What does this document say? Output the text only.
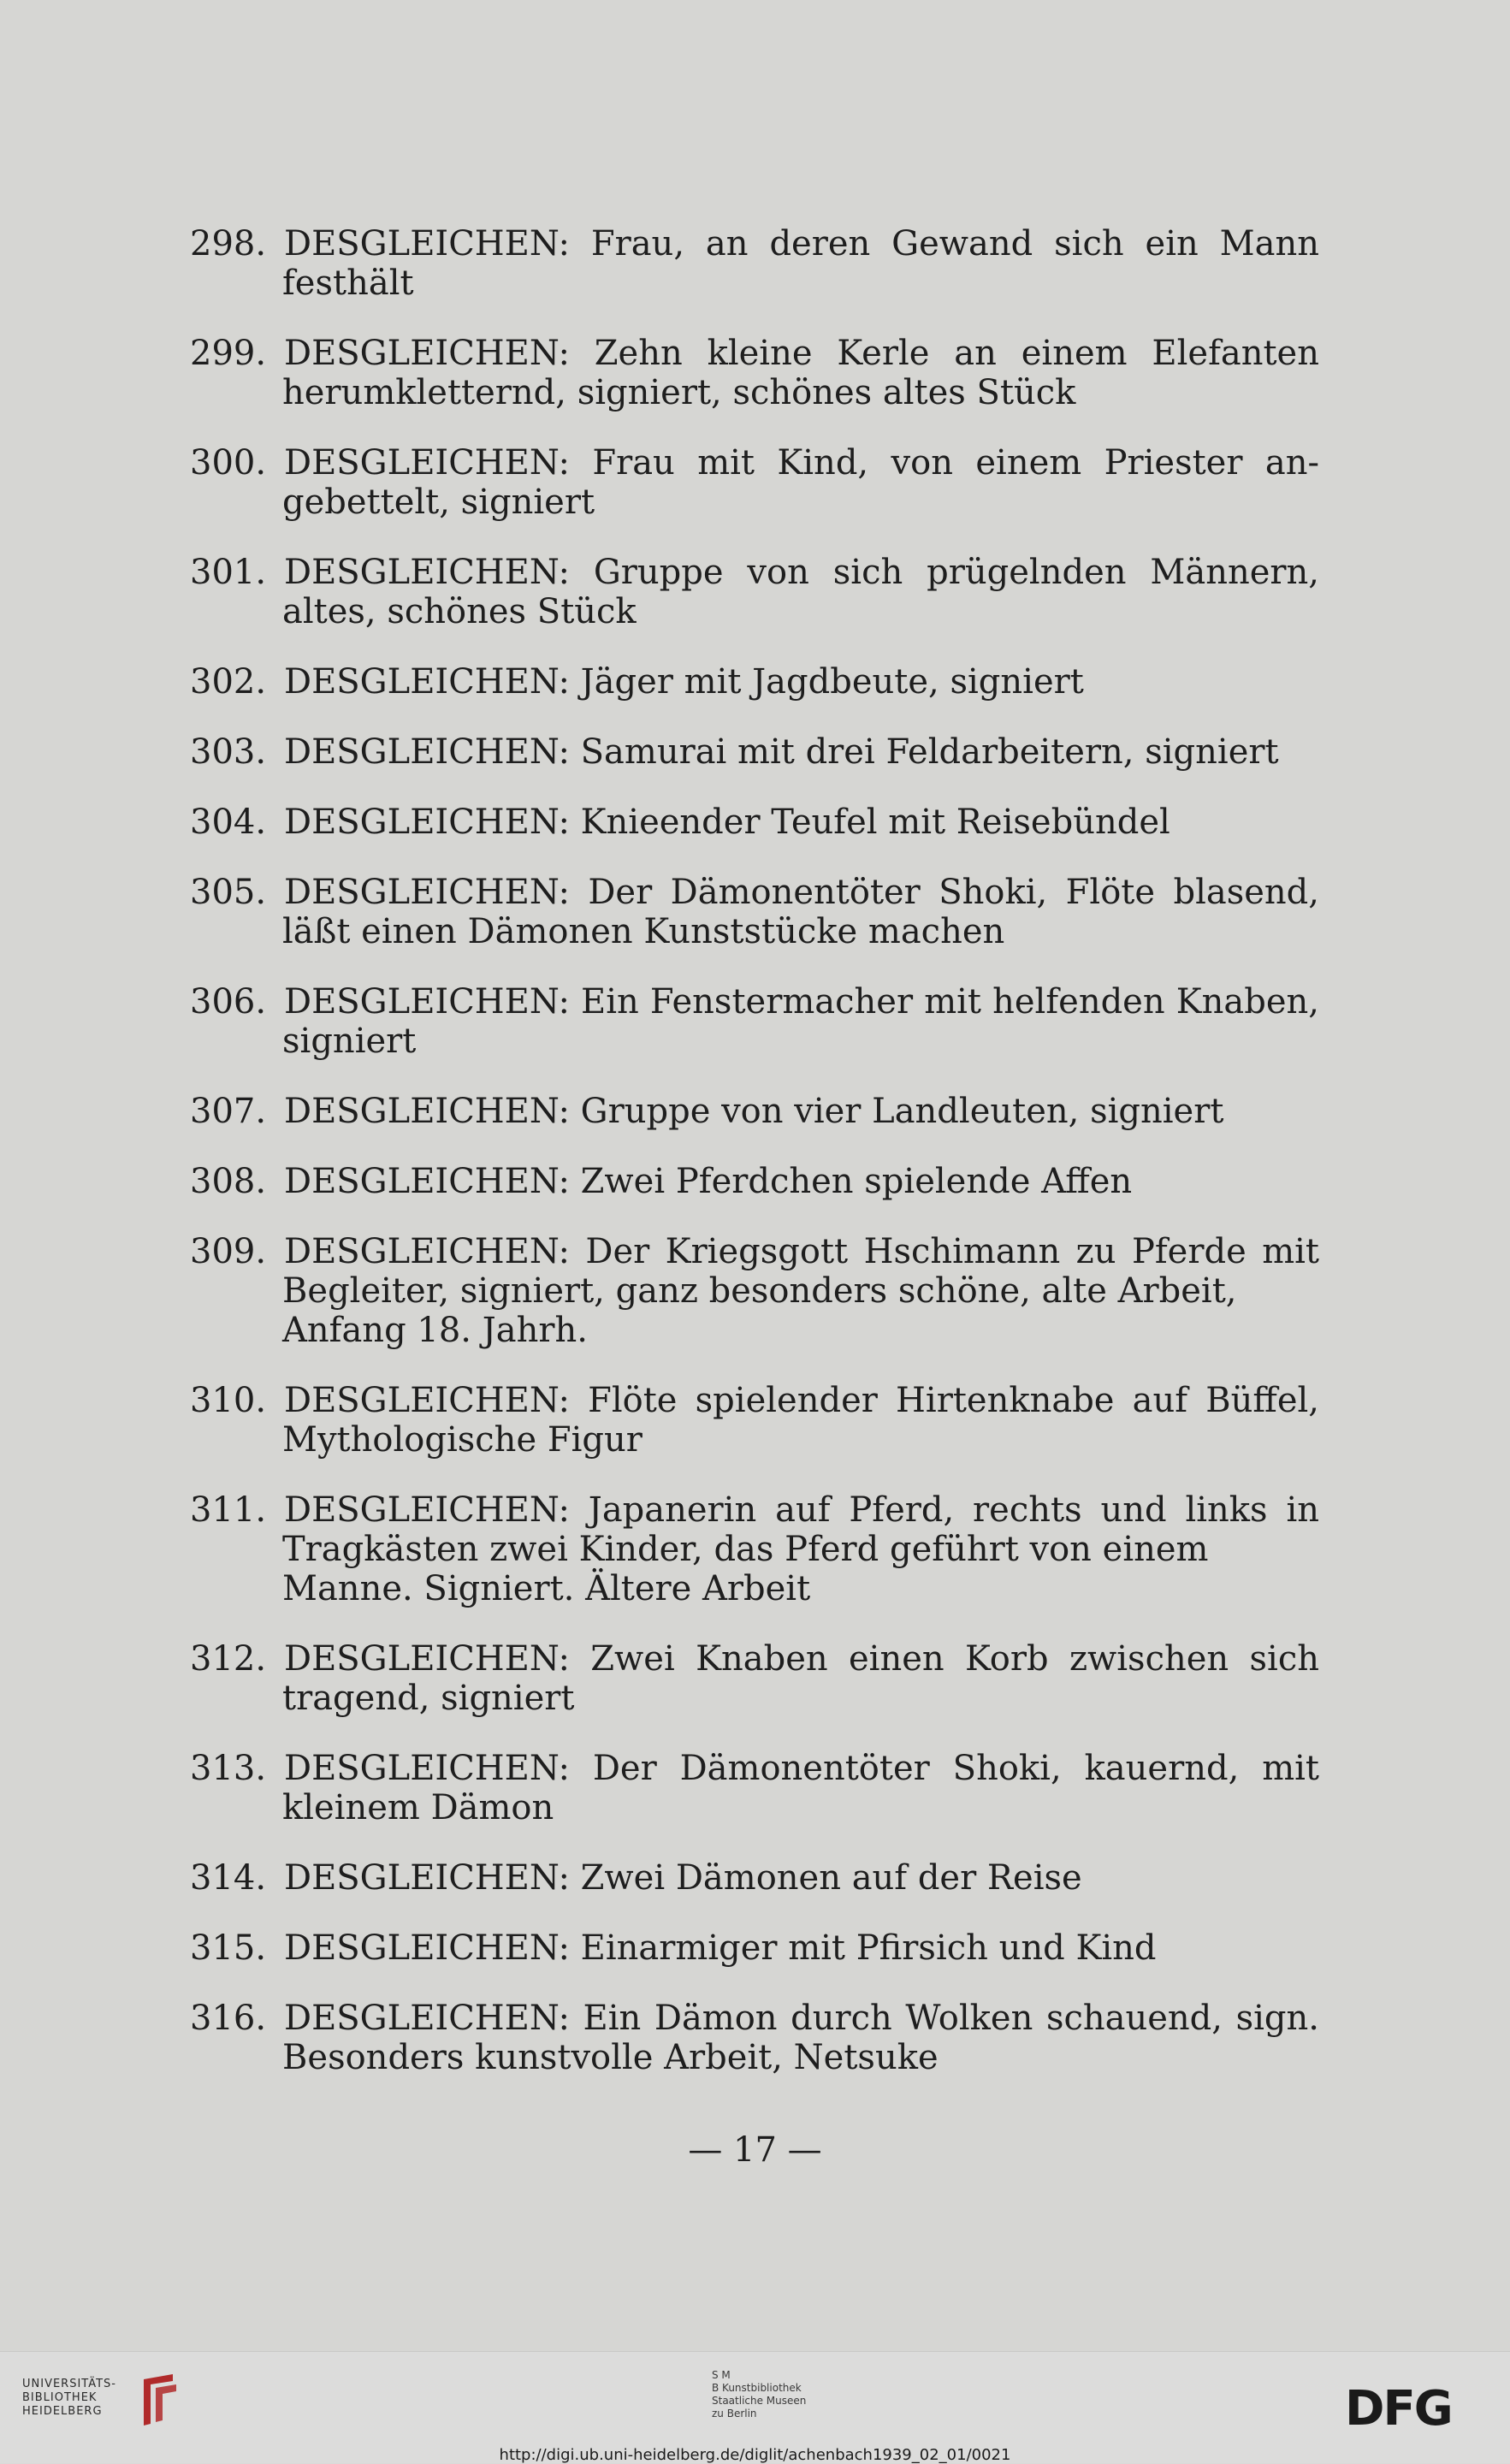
298. DESGLEICHEN: Frau, an deren Gewand sich ein Mann
festhält
299. DESGLEICHEN: Zehn kleine Kerle an einem Elefanten
herumkletternd, signiert, schönes altes Stück
300. DESGLEICHEN: Frau mit Kind, von einem Priester an-
gebettelt, signiert
301. DESGLEICHEN: Gruppe von sich prügelnden Männern,
altes, schönes Stück
302. DESGLEICHEN: Jäger mit Jagdbeute, signiert
303. DESGLEICHEN: Samurai mit drei Feldarbeitern, signiert
304. DESGLEICHEN: Knieender Teufel mit Reisebündel
305. DESGLEICHEN: Der Dämonentöter Shoki, Flöte blasend,
läßt einen Dämonen Kunststücke machen
306. DESGLEICHEN: Ein Fenstermacher mit helfenden Knaben,
signiert
307. DESGLEICHEN: Gruppe von vier Landleuten, signiert
308. DESGLEICHEN: Zwei Pferdchen spielende Affen
309. DESGLEICHEN: Der Kriegsgott Hschimann zu Pferde mit
Begleiter, signiert, ganz besonders schöne, alte Arbeit,
Anfang 18. Jahrh.
310. DESGLEICHEN: Flöte spielender Hirtenknabe auf Büffel,
Mythologische Figur
311. DESGLEICHEN: Japanerin auf Pferd, rechts und links in
Tragkästen zwei Kinder, das Pferd geführt von einem
Manne. Signiert. Ältere Arbeit
312. DESGLEICHEN: Zwei Knaben einen Korb zwischen sich
tragend, signiert
313. DESGLEICHEN: Der Dämonentöter Shoki, kauernd, mit
kleinem Dämon
314. DESGLEICHEN: Zwei Dämonen auf der Reise
315. DESGLEICHEN: Einarmiger mit Pfirsich und Kind
316. DESGLEICHEN: Ein Dämon durch Wolken schauend, sign.
Besonders kunstvolle Arbeit, Netsuke
— 17 —
UNIVERSITÄTS-
BIBLIOTHEK
HEIDELBERG
S M
B Kunstbibliothek
Staatliche Museen
zu Berlin	DFG
http://digi.ub.uni-heidelberg.de/diglit/achenbach1939_02_01/0021
